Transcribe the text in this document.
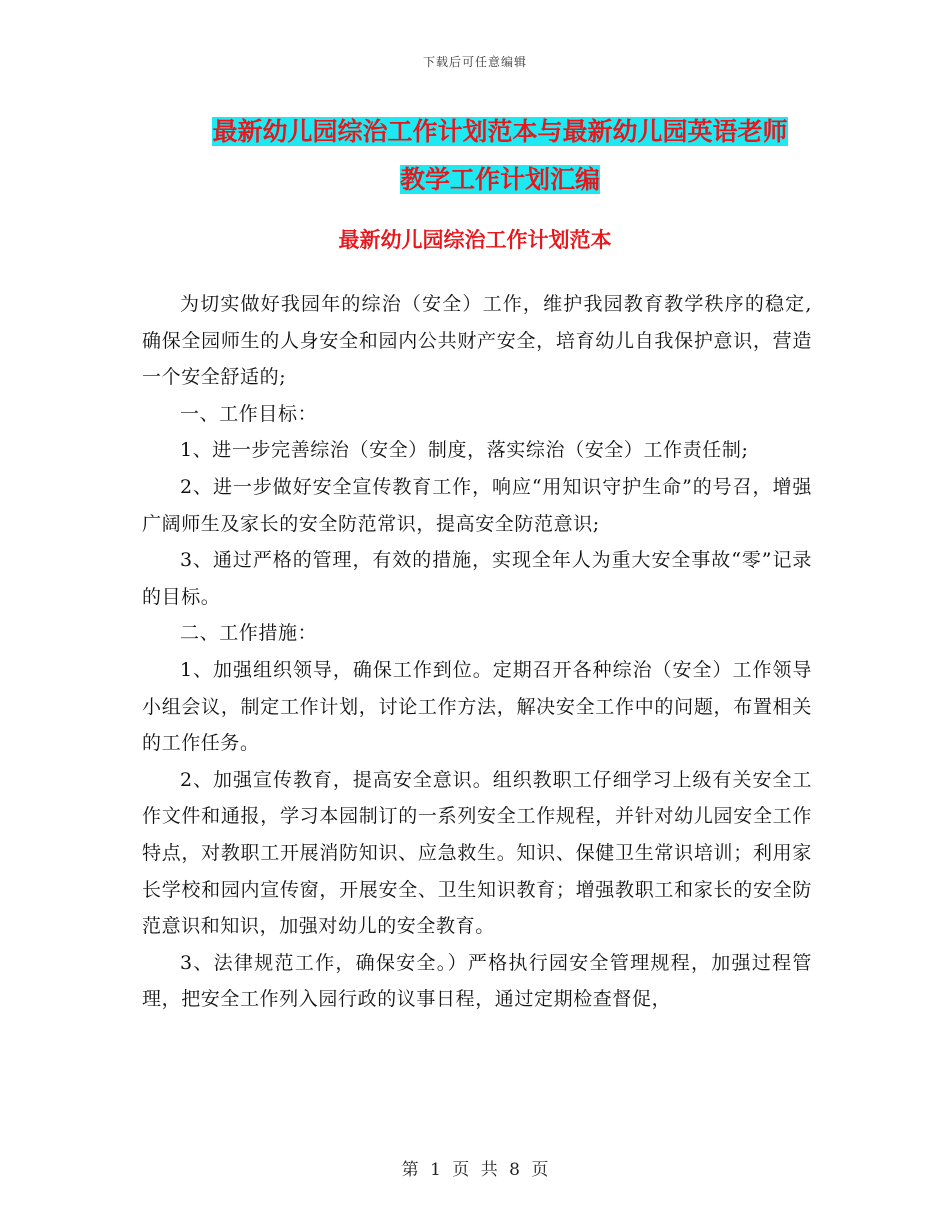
下载后可任意编辑
最新幼儿园综治工作计划范本与最新幼儿园英语老师
教学工作计划汇编
最新幼儿园综治工作计划范本

为切实做好我园年的综治（安全）工作，维护我园教育教学秩序的稳定,确保全园师生的人身安全和园内公共财产安全，培育幼儿自我保护意识，营造一个安全舒适的;

一、工作目标：

1、进一步完善综治（安全）制度，落实综治（安全）工作责任制;

2、进一步做好安全宣传教育工作，响应“用知识守护生命”的号召，增强广阔师生及家长的安全防范常识，提高安全防范意识;

3、通过严格的管理，有效的措施，实现全年人为重大安全事故“零”记录的目标。

二、工作措施：

1、加强组织领导，确保工作到位。定期召开各种综治（安全）工作领导小组会议，制定工作计划，讨论工作方法，解决安全工作中的问题，布置相关的工作任务。

2、加强宣传教育，提高安全意识。组织教职工仔细学习上级有关安全工作文件和通报，学习本园制订的一系列安全工作规程，并针对幼儿园安全工作特点，对教职工开展消防知识、应急救生。知识、保健卫生常识培训；利用家长学校和园内宣传窗，开展安全、卫生知识教育；增强教职工和家长的安全防范意识和知识，加强对幼儿的安全教育。

3、法律规范工作，确保安全。）严格执行园安全管理规程，加强过程管理，把安全工作列入园行政的议事日程，通过定期检查督促，

第 1 页 共 8 页
